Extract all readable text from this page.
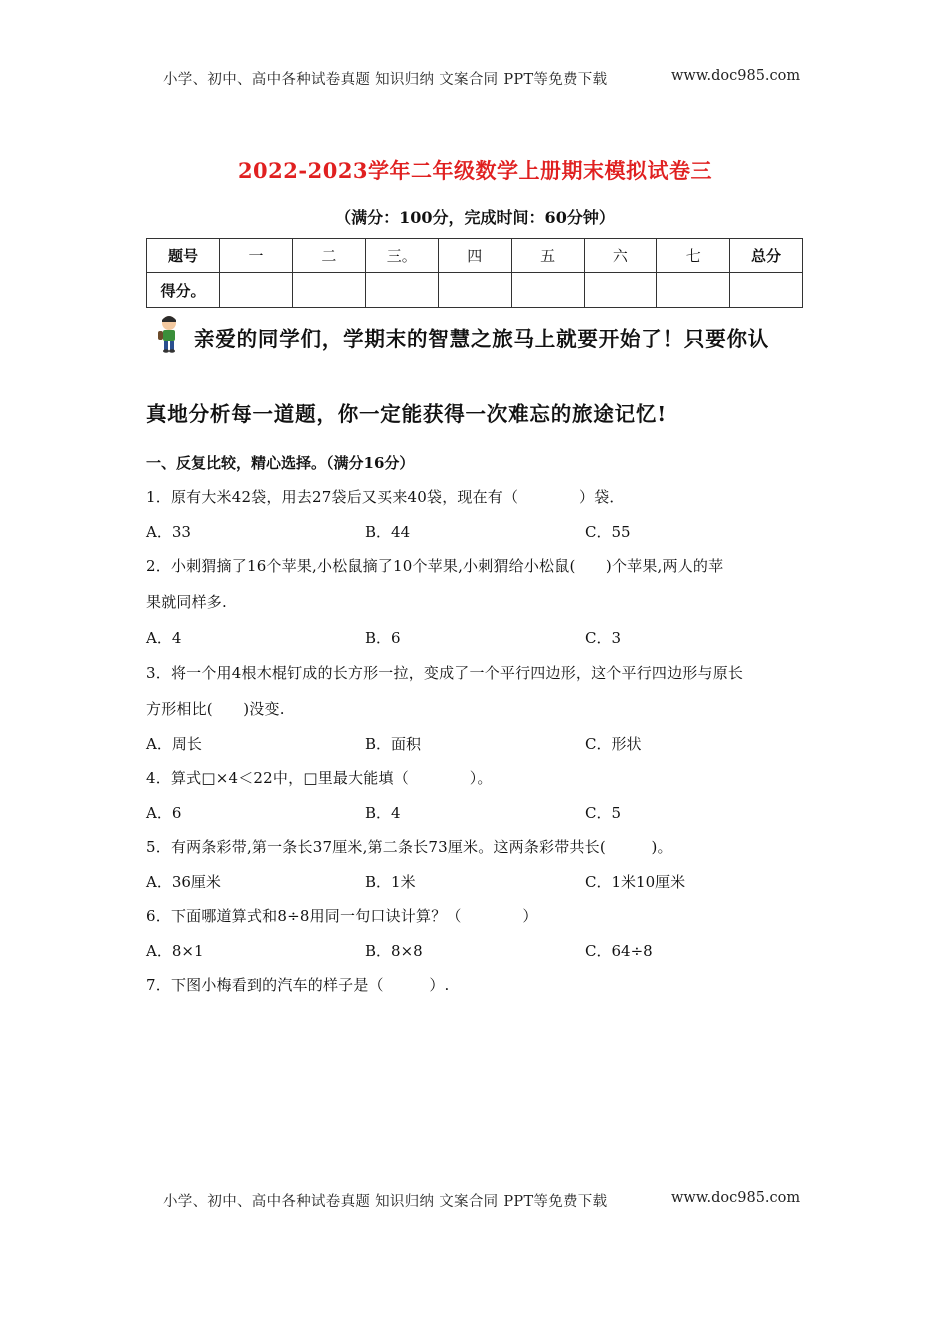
小学、初中、高中各种试卷真题 知识归纳 文案合同 PPT等免费下载	www.doc985.com
2022-2023学年二年级数学上册期末模拟试卷三
（满分：100分，完成时间：60分钟）
题号	一	二	三。	四	五	六	七	总分
得分。								
亲爱的同学们，学期末的智慧之旅马上就要开始了！只要你认
真地分析每一道题，你一定能获得一次难忘的旅途记忆!
一、反复比较，精心选择。（满分16分）
1．原有大米42袋，用去27袋后又买来40袋，现在有（　　　　）袋．
A．33	B．44	C．55
2．小刺猬摘了16个苹果,小松鼠摘了10个苹果,小刺猬给小松鼠(　　)个苹果,两人的苹
果就同样多.
A．4	B．6	C．3
3．将一个用4根木棍钉成的长方形一拉，变成了一个平行四边形，这个平行四边形与原长
方形相比(　　)没变.
A．周长	B．面积	C．形状
4．算式□×4＜22中，□里最大能填（　　　　）。
A．6	B．4	C．5
5．有两条彩带,第一条长37厘米,第二条长73厘米。这两条彩带共长(　　　)。
A．36厘米	B．1米	C．1米10厘米
6．下面哪道算式和8÷8用同一句口诀计算？（　　　　）
A．8×1	B．8×8	C．64÷8
7．下图小梅看到的汽车的样子是（　　　）.
小学、初中、高中各种试卷真题 知识归纳 文案合同 PPT等免费下载	www.doc985.com
